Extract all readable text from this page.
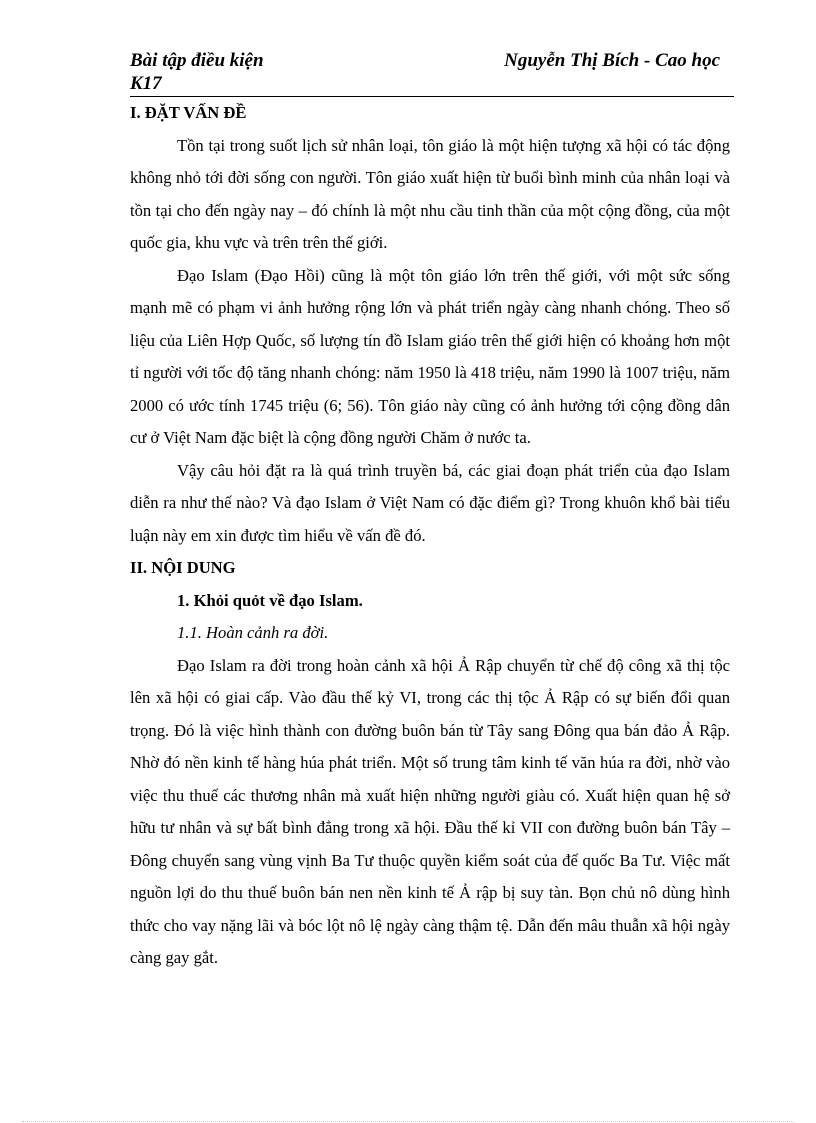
Bài tập điều kiện
K17
Nguyễn Thị Bích - Cao học

I. ĐẶT VẤN ĐỀ

Tồn tại trong suốt lịch sử nhân loại, tôn giáo là một hiện tượng xã hội có tác động không nhỏ tới đời sống con người. Tôn giáo xuất hiện từ buổi bình minh của nhân loại và tồn tại cho đến ngày nay – đó chính là một nhu cầu tinh thần của một cộng đồng, của một quốc gia, khu vực và trên trên thế giới.

Đạo Islam (Đạo Hồi) cũng là một tôn giáo lớn trên thế giới, với một sức sống mạnh mẽ có phạm vi ảnh hưởng rộng lớn và phát triển ngày càng nhanh chóng. Theo số liệu của Liên Hợp Quốc, số lượng tín đồ Islam giáo trên thế giới hiện có khoảng hơn một tỉ người với tốc độ tăng nhanh chóng: năm 1950 là 418 triệu, năm 1990 là 1007 triệu, năm 2000 có ước tính 1745 triệu (6; 56). Tôn giáo này cũng có ảnh hưởng tới cộng đồng dân cư ở Việt Nam đặc biệt là cộng đồng người Chăm ở nước ta.

Vậy câu hỏi đặt ra là quá trình truyền bá, các giai đoạn phát triển của đạo Islam diễn ra như thế nào? Và đạo Islam ở Việt Nam có đặc điểm gì? Trong khuôn khổ bài tiểu luận này em xin được tìm hiểu về vấn đề đó.

II. NỘI DUNG

1. Khỏi quỏt về đạo Islam.

1.1. Hoàn cảnh ra đời.

Đạo Islam ra đời trong hoàn cảnh xã hội Ả Rập chuyển từ chế độ công xã thị tộc lên xã hội có giai cấp. Vào đầu thế kỷ VI, trong các thị tộc Ả Rập có sự biến đổi quan trọng. Đó là việc hình thành con đường buôn bán từ Tây sang Đông qua bán đảo Ả Rập. Nhờ đó nền kinh tế hàng húa phát triển. Một số trung tâm kinh tế văn húa ra đời, nhờ vào việc thu thuế các thương nhân mà xuất hiện những người giàu có. Xuất hiện quan hệ sở hữu tư nhân và sự bất bình đẳng trong xã hội. Đầu thế kỉ VII con đường buôn bán Tây – Đông chuyển sang vùng vịnh Ba Tư thuộc quyền kiểm soát của đế quốc Ba Tư. Việc mất nguồn lợi do thu thuế buôn bán nen nền kinh tế Ả rập bị suy tàn. Bọn chủ nô dùng hình thức cho vay nặng lãi và bóc lột nô lệ ngày càng thậm tệ. Dẫn đến mâu thuẫn xã hội ngày càng gay gắt.
